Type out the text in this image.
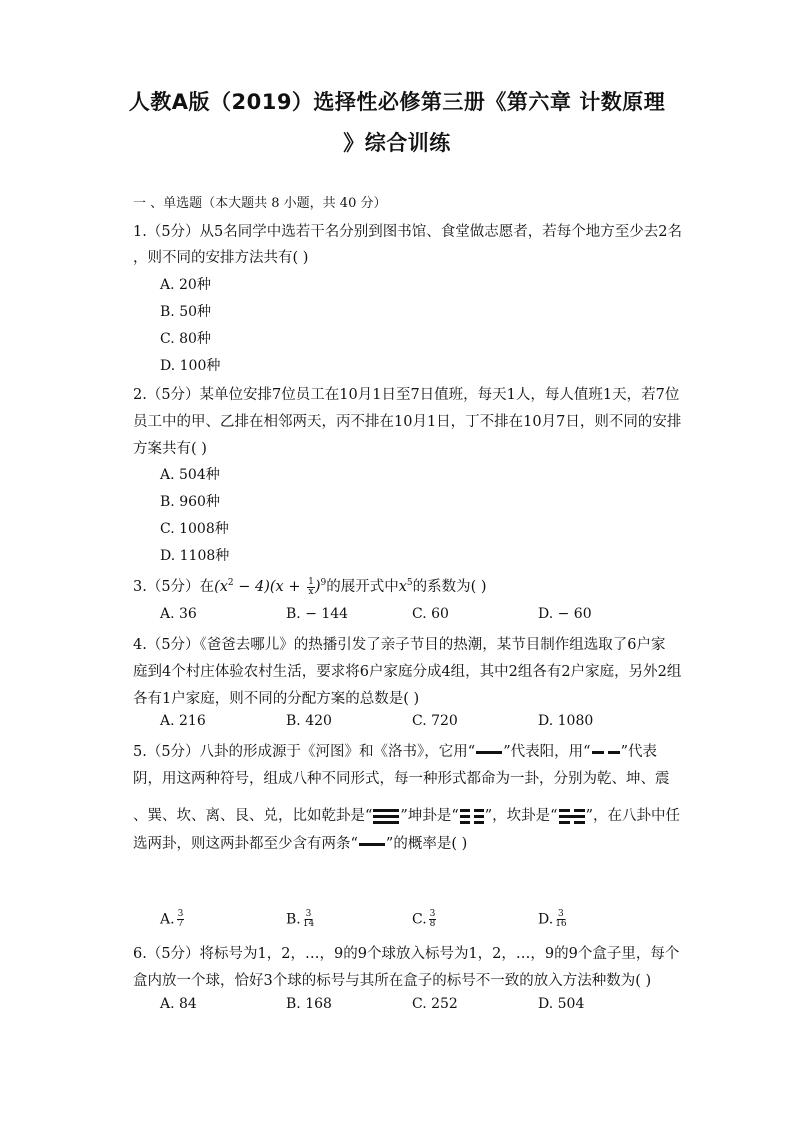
人教A版（2019）选择性必修第三册《第六章 计数原理
》综合训练
一 、单选题（本大题共 8 小题，共 40 分）
1.（5分）从5名同学中选若干名分别到图书馆、食堂做志愿者，若每个地方至少去2名
，则不同的安排方法共有( )
A. 20种
B. 50种
C. 80种
D. 100种
2.（5分）某单位安排7位员工在10月1日至7日值班，每天1人，每人值班1天，若7位
员工中的甲、乙排在相邻两天，丙不排在10月1日，丁不排在10月7日，则不同的安排
方案共有( )
A. 504种
B. 960种
C. 1008种
D. 1108种
3.（5分）在$(x^2 - 4)(x + \frac{1}{x} )^9$的展开式中$x^5$的系数为( )
A. 36	B. − 144	C. 60	D. − 60
4.（5分）《爸爸去哪儿》的热播引发了亲子节目的热潮，某节目制作组选取了6户家
庭到4个村庄体验农村生活，要求将6户家庭分成4组，其中2组各有2户家庭，另外2组
各有1户家庭，则不同的分配方案的总数是( )
A. 216	B. 420	C. 720	D. 1080
5.（5分）八卦的形成源于《河图》和《洛书》，它用“ ”代表阳，用“ ”代表
阴，用这两种符号，组成八种不同形式，每一种形式都命为一卦，分别为乾、坤、震
、巽、坎、离、艮、兑，比如乾卦是“ ”坤卦是“ ”，坎卦是“ ”，在八卦中任
选两卦，则这两卦都至少含有两条“ ”的概率是( )
A. $\frac{3}{7}$	B. $\frac{3}{14}$	C. $\frac{3}{8}$	D. $\frac{3}{16}$
6.（5分）将标号为1，2，…，9的9个球放入标号为1，2，…，9的9个盒子里，每个
盒内放一个球，恰好3个球的标号与其所在盒子的标号不一致的放入方法种数为( )
A. 84	B. 168	C. 252	D. 504
